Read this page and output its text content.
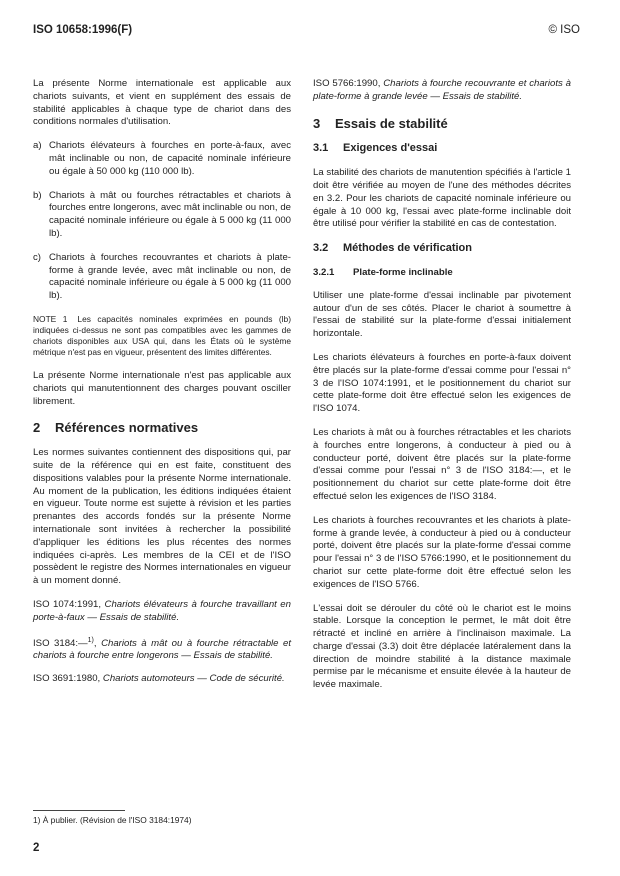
ISO 10658:1996(F)	© ISO

La présente Norme internationale est applicable aux chariots suivants, et vient en supplément des essais de stabilité applicables à chaque type de chariot dans des conditions normales d'utilisation.

a) Chariots élévateurs à fourches en porte-à-faux, avec mât inclinable ou non, de capacité nominale inférieure ou égale à 50 000 kg (110 000 lb).
b) Chariots à mât ou fourches rétractables et chariots à fourches entre longerons, avec mât inclinable ou non, de capacité nominale inférieure ou égale à 5 000 kg (11 000 lb).
c) Chariots à fourches recouvrantes et chariots à plate-forme à grande levée, avec mât inclinable ou non, de capacité nominale inférieure ou égale à 5 000 kg (11 000 lb).

NOTE 1 Les capacités nominales exprimées en pounds (lb) indiquées ci-dessus ne sont pas compatibles avec les gammes de chariots disponibles aux USA qui, dans les États où le système métrique n'est pas en vigueur, présentent des limites différentes.

La présente Norme internationale n'est pas applicable aux chariots qui manutentionnent des charges pouvant osciller librement.

2	Références normatives

Les normes suivantes contiennent des dispositions qui, par suite de la référence qui en est faite, constituent des dispositions valables pour la présente Norme internationale. Au moment de la publication, les éditions indiquées étaient en vigueur. Toute norme est sujette à révision et les parties prenantes des accords fondés sur la présente Norme internationale sont invitées à rechercher la possibilité d'appliquer les éditions les plus récentes des normes indiquées ci-après. Les membres de la CEI et de l'ISO possèdent le registre des Normes internationales en vigueur à un moment donné.

ISO 1074:1991, Chariots élévateurs à fourche travaillant en porte-à-faux — Essais de stabilité.

ISO 3184:—$^{1)}$, Chariots à mât ou à fourche rétractable et chariots à fourche entre longerons — Essais de stabilité.

ISO 3691:1980, Chariots automoteurs — Code de sécurité.

ISO 5766:1990, Chariots à fourche recouvrante et chariots à plate-forme à grande levée — Essais de stabilité.

3	Essais de stabilité
3.1	Exigences d'essai

La stabilité des chariots de manutention spécifiés à l'article 1 doit être vérifiée au moyen de l'une des méthodes décrites en 3.2. Pour les chariots de capacité nominale inférieure ou égale à 10 000 kg, l'essai avec plate-forme inclinable doit être utilisé pour vérifier la stabilité en cas de contestation.

3.2	Méthodes de vérification
3.2.1	Plate-forme inclinable

Utiliser une plate-forme d'essai inclinable par pivotement autour d'un de ses côtés. Placer le chariot à soumettre à l'essai de stabilité sur la plate-forme d'essai initialement horizontale.

Les chariots élévateurs à fourches en porte-à-faux doivent être placés sur la plate-forme d'essai comme pour l'essai n° 3 de l'ISO 1074:1991, et le positionnement du chariot sur cette plate-forme doit être effectué selon les exigences de l'ISO 1074.

Les chariots à mât ou à fourches rétractables et les chariots à fourches entre longerons, à conducteur à pied ou à conducteur porté, doivent être placés sur la plate-forme d'essai comme pour l'essai n° 3 de l'ISO 3184:—, et le positionnement du chariot sur cette plate-forme doit être effectué selon les exigences de l'ISO 3184.

Les chariots à fourches recouvrantes et les chariots à plate-forme à grande levée, à conducteur à pied ou à conducteur porté, doivent être placés sur la plate-forme d'essai comme pour l'essai n° 3 de l'ISO 5766:1990, et le positionnement du chariot sur cette plate-forme doit être effectué selon les exigences de l'ISO 5766.

L'essai doit se dérouler du côté où le chariot est le moins stable. Lorsque la conception le permet, le mât doit être rétracté et incliné en arrière à l'inclinaison maximale. La charge d'essai (3.3) doit être déplacée latéralement dans la direction de moindre stabilité à la distance maximale permise par le mécanisme et ensuite élevée à la hauteur de levée maximale.

1) À publier. (Révision de l'ISO 3184:1974)
2
